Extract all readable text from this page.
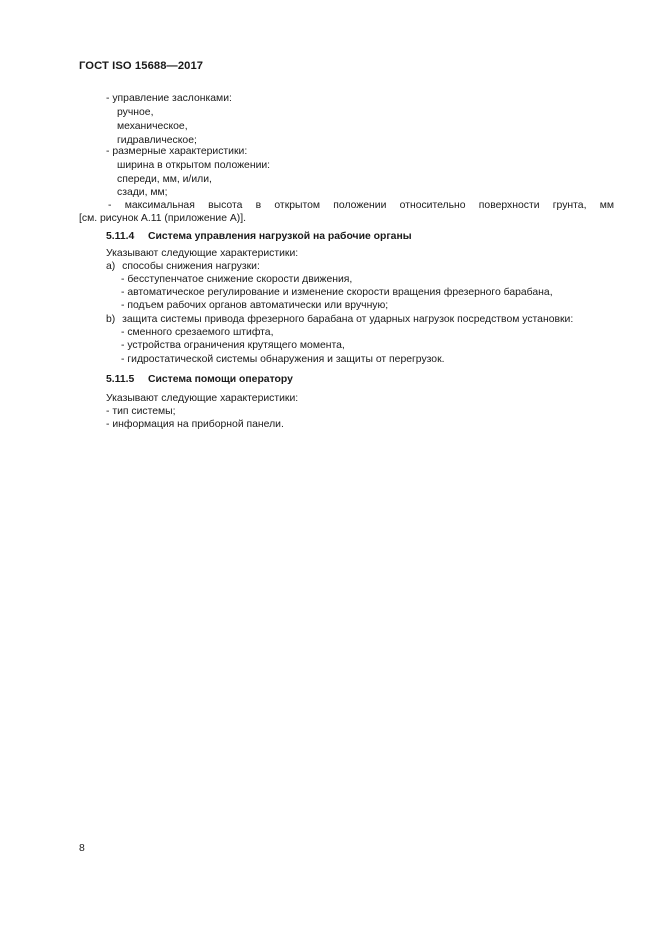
ГОСТ ISO 15688—2017
- управление заслонками:
ручное,
механическое,
гидравлическое;
- размерные характеристики:
ширина в открытом положении:
спереди, мм, и/или,
сзади, мм;
- максимальная высота в открытом положении относительно поверхности грунта, мм
[см. рисунок А.11 (приложение А)].
5.11.4 Система управления нагрузкой на рабочие органы
Указывают следующие характеристики:
а) способы снижения нагрузки:
- бесступенчатое снижение скорости движения,
- автоматическое регулирование и изменение скорости вращения фрезерного барабана,
- подъем рабочих органов автоматически или вручную;
b) защита системы привода фрезерного барабана от ударных нагрузок посредством установки:
- сменного срезаемого штифта,
- устройства ограничения крутящего момента,
- гидростатической системы обнаружения и защиты от перегрузок.
5.11.5 Система помощи оператору
Указывают следующие характеристики:
- тип системы;
- информация на приборной панели.
8
